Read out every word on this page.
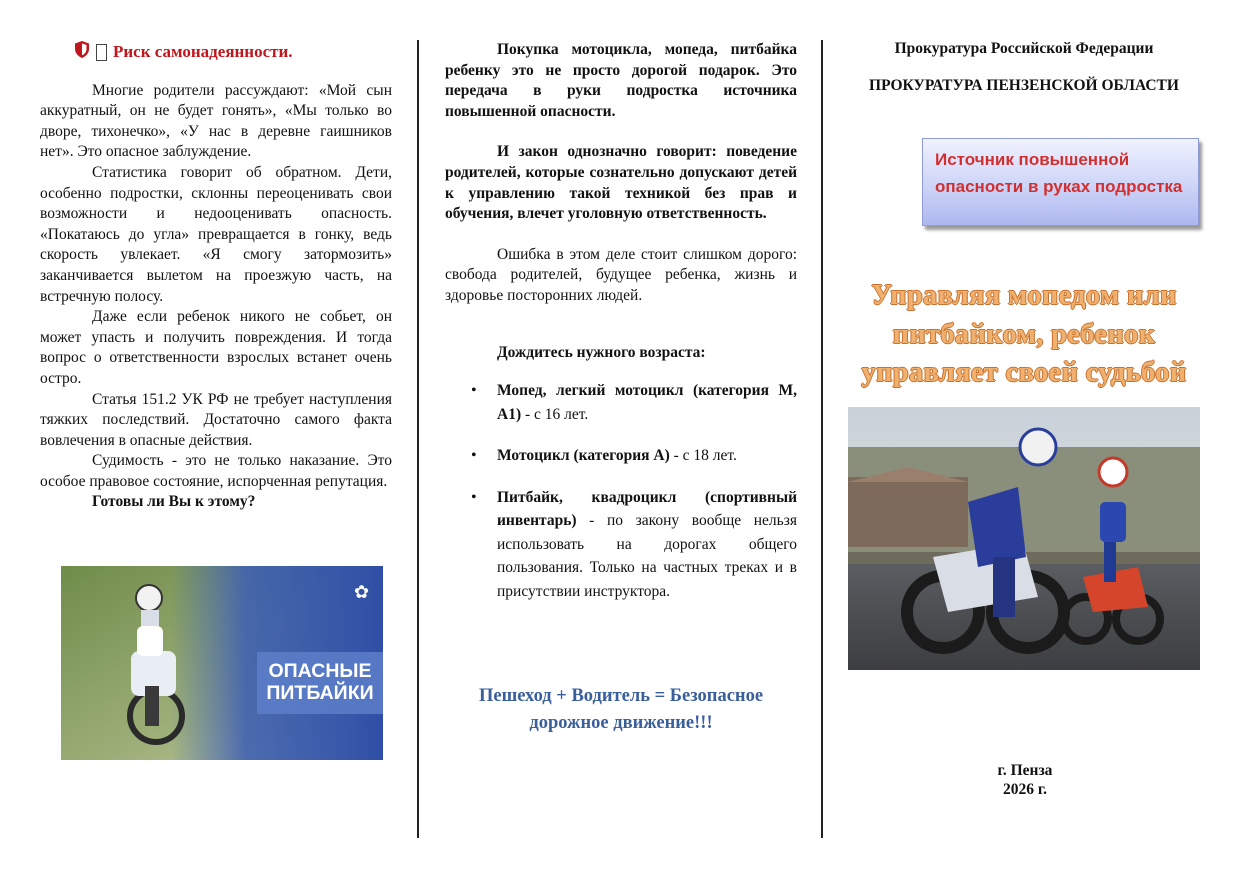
Риск самонадеянности.

Многие родители рассуждают: «Мой сын аккуратный, он не будет гонять», «Мы только во дворе, тихонечко», «У нас в деревне гаишников нет». Это опасное заблуждение.

Статистика говорит об обратном. Дети, особенно подростки, склонны переоценивать свои возможности и недооценивать опасность. «Покатаюсь до угла» превращается в гонку, ведь скорость увлекает. «Я смогу затормозить» заканчивается вылетом на проезжую часть, на встречную полосу.

Даже если ребенок никого не собьет, он может упасть и получить повреждения. И тогда вопрос о ответственности взрослых встанет очень остро.

Статья 151.2 УК РФ не требует наступления тяжких последствий. Достаточно самого факта вовлечения в опасные действия.

Судимость - это не только наказание. Это особое правовое состояние, испорченная репутация.

Готовы ли Вы к этому?

✿
ОПАСНЫЕ
ПИТБАЙКИ

Покупка мотоцикла, мопеда, питбайка ребенку это не просто дорогой подарок. Это передача в руки подростка источника повышенной опасности.

И закон однозначно говорит: поведение родителей, которые сознательно допускают детей к управлению такой техникой без прав и обучения, влечет уголовную ответственность.

Ошибка в этом деле стоит слишком дорого: свобода родителей, будущее ребенка, жизнь и здоровье посторонних людей.

Дождитесь нужного возраста:

• Мопед, легкий мотоцикл (категория М, А1) - с 16 лет.
• Мотоцикл (категория А) - с 18 лет.
• Питбайк, квадроцикл (спортивный инвентарь) - по закону вообще нельзя использовать на дорогах общего пользования. Только на частных треках и в присутствии инструктора.
Пешеход + Водитель = Безопасное
дорожное движение!!!
Прокуратура Российской Федерации
ПРОКУРАТУРА ПЕНЗЕНСКОЙ ОБЛАСТИ
Источник повышенной опасности в руках подростка
Управляя мопедом или питбайком, ребенок управляет своей судьбой
г. Пенза
2026 г.
